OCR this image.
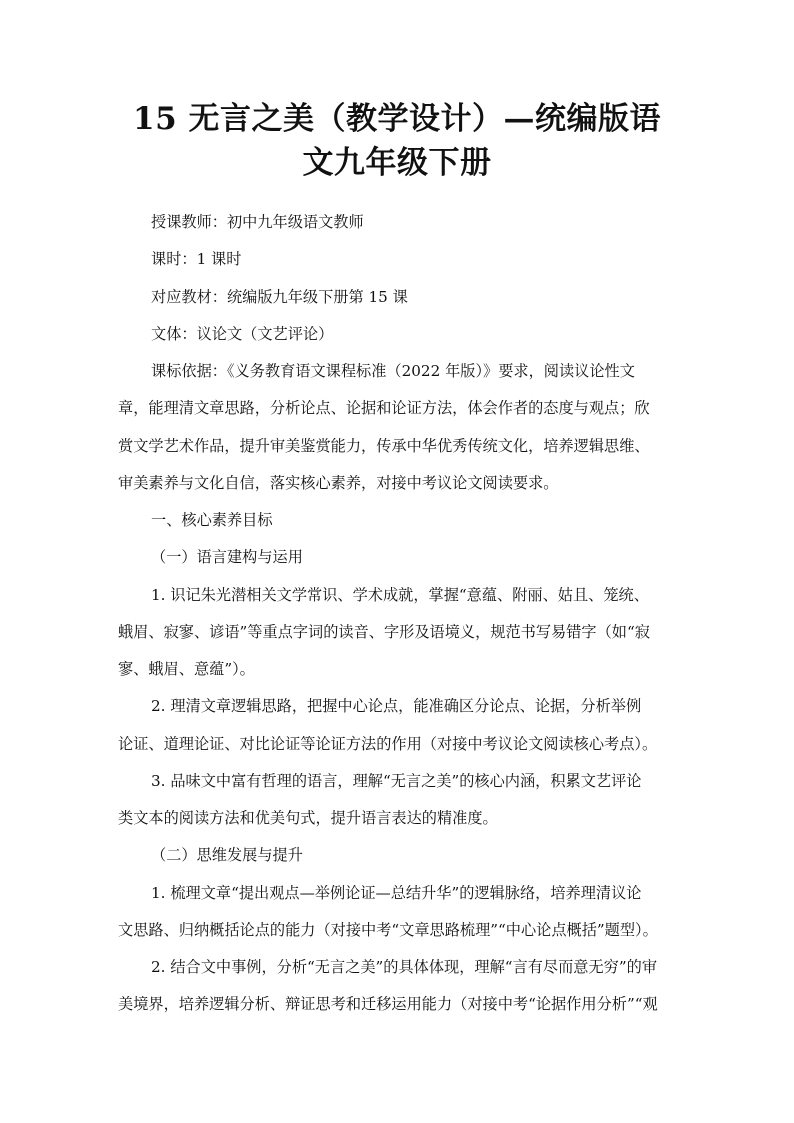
15 无言之美（教学设计）—统编版语
文九年级下册
授课教师：初中九年级语文教师
课时：1 课时
对应教材：统编版九年级下册第 15 课
文体：议论文（文艺评论）
课标依据：《义务教育语文课程标准（2022 年版）》要求，阅读议论性文
章，能理清文章思路，分析论点、论据和论证方法，体会作者的态度与观点；欣
赏文学艺术作品，提升审美鉴赏能力，传承中华优秀传统文化，培养逻辑思维、
审美素养与文化自信，落实核心素养，对接中考议论文阅读要求。
一、核心素养目标
（一）语言建构与运用
1. 识记朱光潜相关文学常识、学术成就，掌握“意蕴、附丽、姑且、笼统、
蛾眉、寂寥、谚语”等重点字词的读音、字形及语境义，规范书写易错字（如“寂
寥、蛾眉、意蕴”）。
2. 理清文章逻辑思路，把握中心论点，能准确区分论点、论据，分析举例
论证、道理论证、对比论证等论证方法的作用（对接中考议论文阅读核心考点）。
3. 品味文中富有哲理的语言，理解“无言之美”的核心内涵，积累文艺评论
类文本的阅读方法和优美句式，提升语言表达的精准度。
（二）思维发展与提升
1. 梳理文章“提出观点—举例论证—总结升华”的逻辑脉络，培养理清议论
文思路、归纳概括论点的能力（对接中考“文章思路梳理”“中心论点概括”题型）。
2. 结合文中事例，分析“无言之美”的具体体现，理解“言有尽而意无穷”的审
美境界，培养逻辑分析、辩证思考和迁移运用能力（对接中考“论据作用分析”“观
